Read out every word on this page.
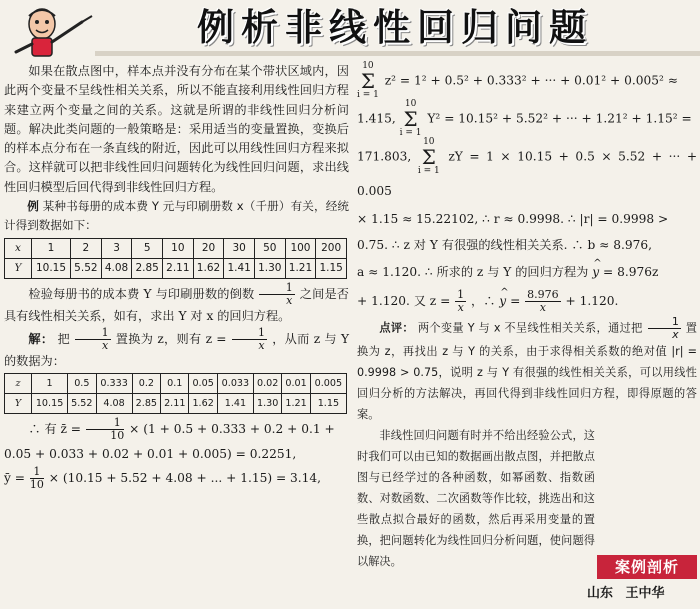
例析非线性回归问题

如果在散点图中，样本点并没有分布在某个带状区域内，因此两个变量不呈线性相关关系，所以不能直接利用线性回归方程来建立两个变量之间的关系。这就是所谓的非线性回归分析问题。解决此类问题的一般策略是：采用适当的变量置换，变换后的样本点分布在一条直线的附近，因此可以用线性回归方程来拟合。这样就可以把非线性回归问题转化为线性回归问题，求出线性回归模型后回代得到非线性回归方程。

例 某种书每册的成本费 Y 元与印刷册数 x（千册）有关，经统计得到数据如下：

x	1	2	3	5	10	20	30	50	100	200
Y	10.15	5.52	4.08	2.85	2.11	1.62	1.41	1.30	1.21	1.15

检验每册书的成本费 Y 与印刷册数的倒数 $\frac{1}{x}$ 之间是否具有线性相关关系，如有，求出 Y 对 x 的回归方程。

解： 把 $\frac{1}{x}$ 置换为 z，则有 $z = \frac{1}{x}$ ，从而 z 与 Y 的数据为：

z	1	0.5	0.333	0.2	0.1	0.05	0.033	0.02	0.01	0.005
Y	10.15	5.52	4.08	2.85	2.11	1.62	1.41	1.30	1.21	1.15

∴ 有 z̄ = $\frac{1}{10} \times (1 + 0.5 + 0.333 + 0.2 + 0.1$ +

0.05 + 0.033 + 0.02 + 0.01 + 0.005) = 0.2251,

ȳ = $\frac{1}{10} \times (10.15 + 5.52 + 4.08$ + ... + 1.15) = 3.14,

10
Σ
i = 1 z² = 1² + 0.5² + 0.333² + ··· + 0.01² + 0.005² ≈

1.415, 10
Σ
i = 1 Y² = 10.15² + 5.52² + ··· + 1.21² + 1.15² =

171.803, 10
Σ
i = 1 zY = 1 × 10.15 + 0.5 × 5.52 + ··· + 0.005

× 1.15 ≈ 15.22102, ∴ r ≈ 0.9998. ∴ |r| = 0.9998 >

0.75. ∴ z 对 Y 有很强的线性相关关系. ∴ b ≈ 8.976,

a ≈ 1.120. ∴ 所求的 z 与 Y 的回归方程为 ^ y = 8.976z

+ 1.120. 又 $z = \frac{1}{x}$ ，∴ ^ $y = \frac{8.976}{x} + 1.120$.

点评： 两个变量 Y 与 x 不呈线性相关关系，通过把 $\frac{1}{x}$ 置换为 z，再找出 z 与 Y 的关系，由于求得相关系数的绝对值 |r| = 0.9998 > 0.75，说明 z 与 Y 有很强的线性相关关系，可以用线性回归分析的方法解决，再回代得到非线性回归方程，即得原题的答案。

非线性回归问题有时并不给出经验公式，这时我们可以由已知的数据画出散点图，并把散点图与已经学过的各种函数，如幂函数、指数函数、对数函数、二次函数等作比较，挑选出和这些散点拟合最好的函数，然后再采用变量的置换，把问题转化为线性回归分析问题，使问题得以解决。	案例剖析
山东 王中华
